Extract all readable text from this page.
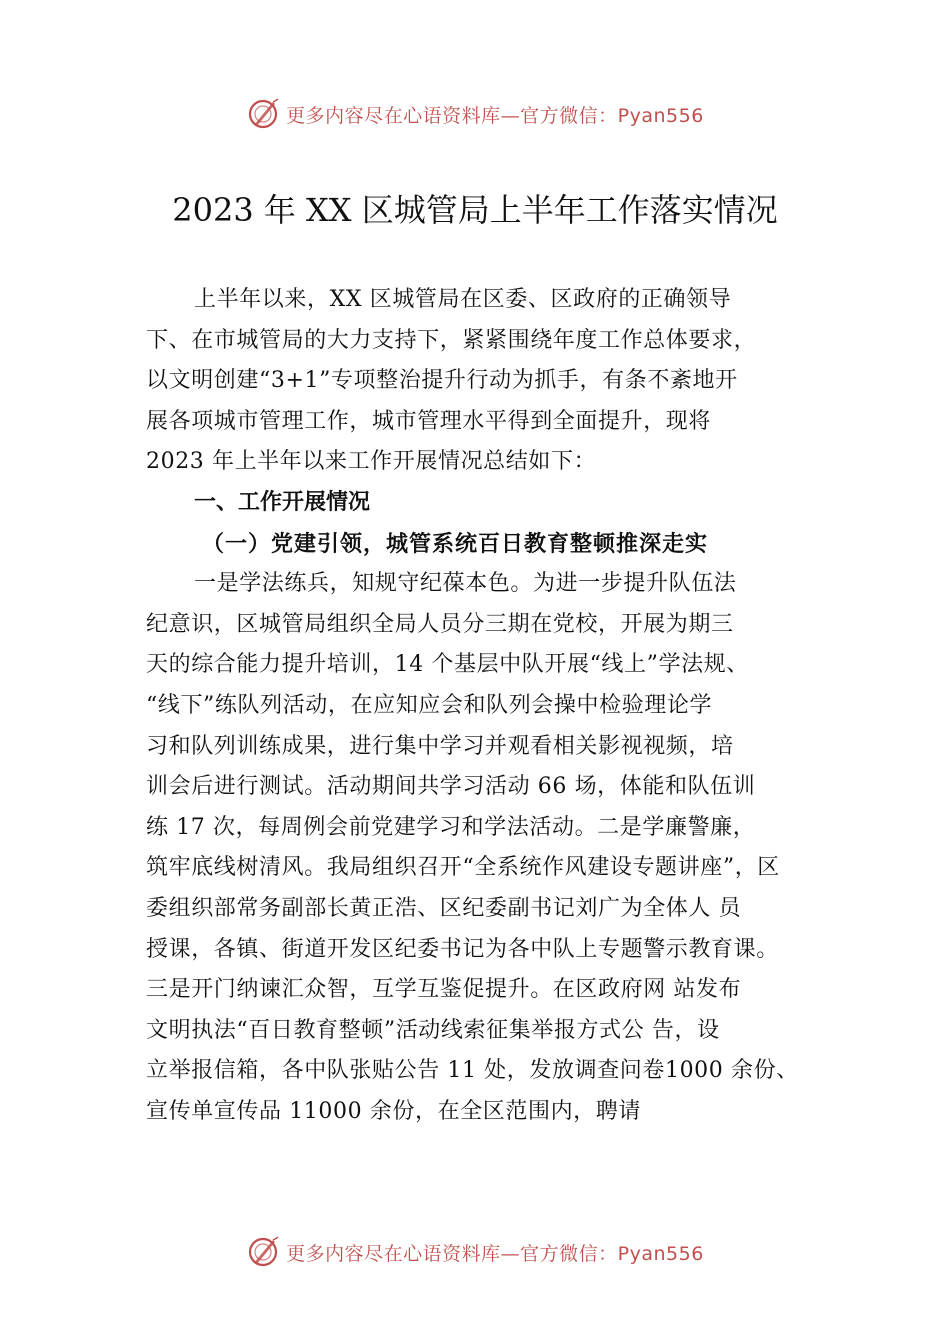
更多内容尽在心语资料库—官方微信：Pyan556
2023 年 XX 区城管局上半年工作落实情况
上半年以来，XX 区城管局在区委、区政府的正确领导
下、在市城管局的大力支持下，紧紧围绕年度工作总体要求，
以文明创建“3+1”专项整治提升行动为抓手，有条不紊地开
展各项城市管理工作，城市管理水平得到全面提升，现将
2023 年上半年以来工作开展情况总结如下：
一、工作开展情况
（一）党建引领，城管系统百日教育整顿推深走实
一是学法练兵，知规守纪葆本色。为进一步提升队伍法
纪意识，区城管局组织全局人员分三期在党校，开展为期三
天的综合能力提升培训，14 个基层中队开展“线上”学法规、
“线下”练队列活动，在应知应会和队列会操中检验理论学
习和队列训练成果，进行集中学习并观看相关影视视频，培
训会后进行测试。活动期间共学习活动 66 场，体能和队伍训
练 17 次，每周例会前党建学习和学法活动。二是学廉警廉，
筑牢底线树清风。我局组织召开“全系统作风建设专题讲座”，区
委组织部常务副部长黄正浩、区纪委副书记刘广为全体人 员
授课，各镇、街道开发区纪委书记为各中队上专题警示教育课。
三是开门纳谏汇众智，互学互鉴促提升。在区政府网 站发布
文明执法“百日教育整顿”活动线索征集举报方式公 告，设
立举报信箱，各中队张贴公告 11 处，发放调查问卷1000 余份、
宣传单宣传品 11000 余份，在全区范围内，聘请
更多内容尽在心语资料库—官方微信：Pyan556
